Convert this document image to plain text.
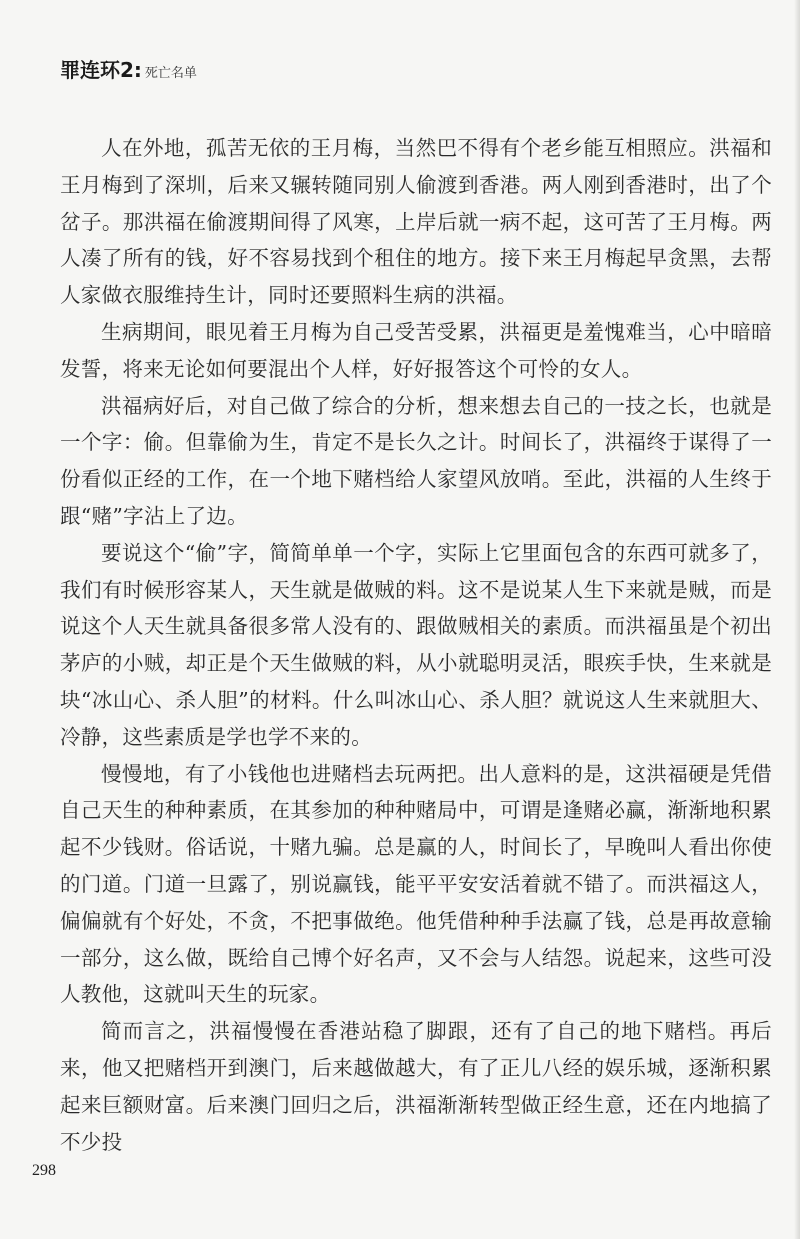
罪连环2: 死亡名单

人在外地，孤苦无依的王月梅，当然巴不得有个老乡能互相照应。洪福和王月梅到了深圳，后来又辗转随同别人偷渡到香港。两人刚到香港时，出了个岔子。那洪福在偷渡期间得了风寒，上岸后就一病不起，这可苦了王月梅。两人凑了所有的钱，好不容易找到个租住的地方。接下来王月梅起早贪黑，去帮人家做衣服维持生计，同时还要照料生病的洪福。

生病期间，眼见着王月梅为自己受苦受累，洪福更是羞愧难当，心中暗暗发誓，将来无论如何要混出个人样，好好报答这个可怜的女人。

洪福病好后，对自己做了综合的分析，想来想去自己的一技之长，也就是一个字：偷。但靠偷为生，肯定不是长久之计。时间长了，洪福终于谋得了一份看似正经的工作，在一个地下赌档给人家望风放哨。至此，洪福的人生终于跟“赌”字沾上了边。

要说这个“偷”字，简简单单一个字，实际上它里面包含的东西可就多了，我们有时候形容某人，天生就是做贼的料。这不是说某人生下来就是贼，而是说这个人天生就具备很多常人没有的、跟做贼相关的素质。而洪福虽是个初出茅庐的小贼，却正是个天生做贼的料，从小就聪明灵活，眼疾手快，生来就是块“冰山心、杀人胆”的材料。什么叫冰山心、杀人胆？就说这人生来就胆大、冷静，这些素质是学也学不来的。

慢慢地，有了小钱他也进赌档去玩两把。出人意料的是，这洪福硬是凭借自己天生的种种素质，在其参加的种种赌局中，可谓是逢赌必赢，渐渐地积累起不少钱财。俗话说，十赌九骗。总是赢的人，时间长了，早晚叫人看出你使的门道。门道一旦露了，别说赢钱，能平平安安活着就不错了。而洪福这人，偏偏就有个好处，不贪，不把事做绝。他凭借种种手法赢了钱，总是再故意输一部分，这么做，既给自己博个好名声，又不会与人结怨。说起来，这些可没人教他，这就叫天生的玩家。

简而言之，洪福慢慢在香港站稳了脚跟，还有了自己的地下赌档。再后来，他又把赌档开到澳门，后来越做越大，有了正儿八经的娱乐城，逐渐积累起来巨额财富。后来澳门回归之后，洪福渐渐转型做正经生意，还在内地搞了不少投

298
